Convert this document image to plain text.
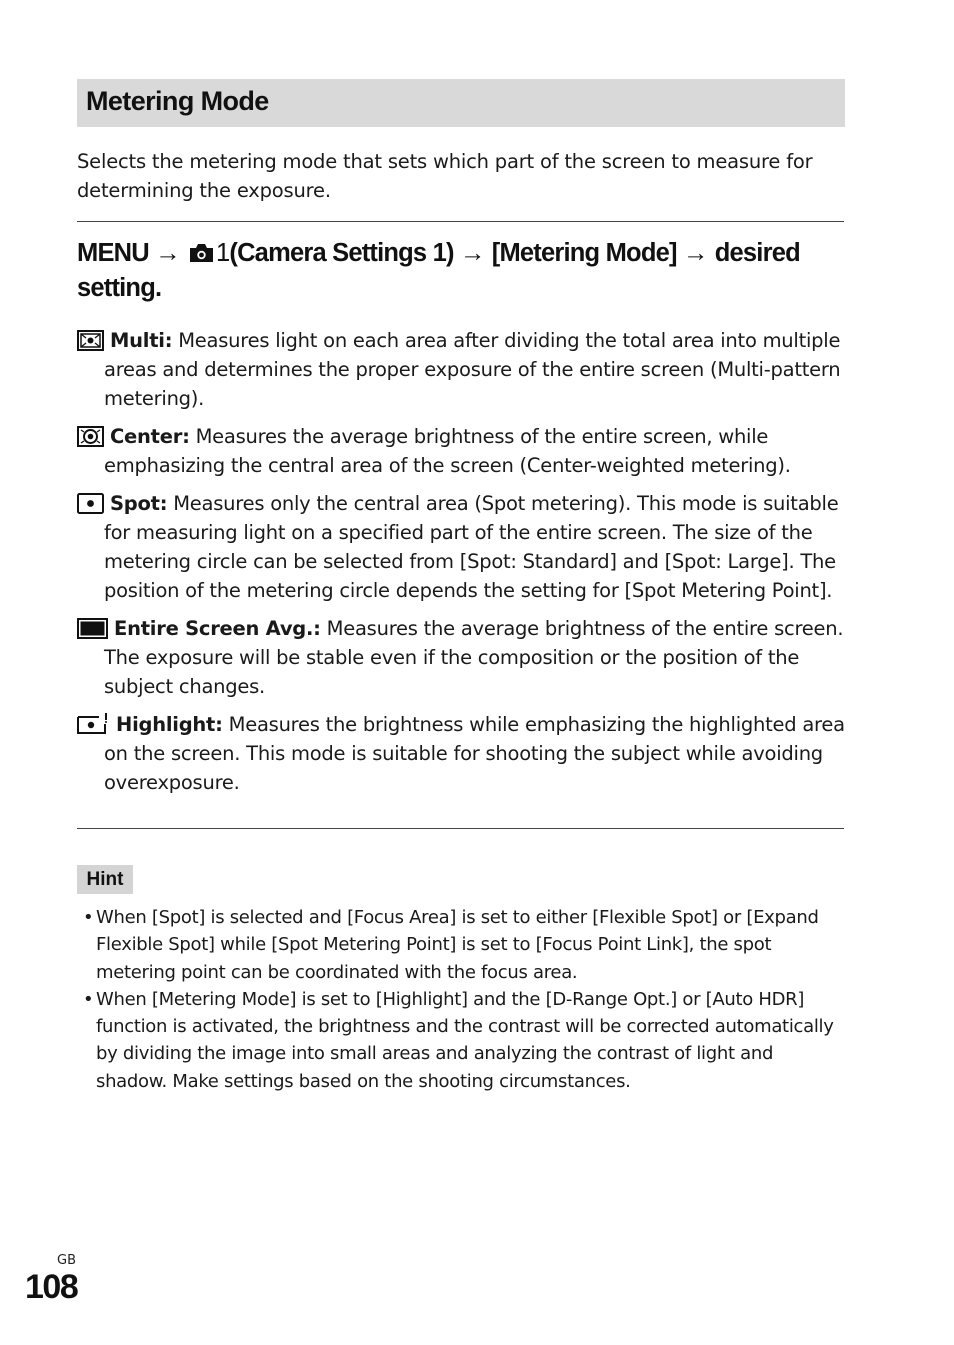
Metering Mode

Selects the metering mode that sets which part of the screen to measure for determining the exposure.

MENU → 1(Camera Settings 1) → [Metering Mode] → desired setting.

Multi: Measures light on each area after dividing the total area into multiple areas and determines the proper exposure of the entire screen (Multi-pattern metering).

Center: Measures the average brightness of the entire screen, while emphasizing the central area of the screen (Center-weighted metering).

Spot: Measures only the central area (Spot metering). This mode is suitable for measuring light on a specified part of the entire screen. The size of the metering circle can be selected from [Spot: Standard] and [Spot: Large]. The position of the metering circle depends the setting for [Spot Metering Point].

Entire Screen Avg.: Measures the average brightness of the entire screen. The exposure will be stable even if the composition or the position of the subject changes.

Highlight: Measures the brightness while emphasizing the highlighted area on the screen. This mode is suitable for shooting the subject while avoiding overexposure.

Hint
• When [Spot] is selected and [Focus Area] is set to either [Flexible Spot] or [Expand Flexible Spot] while [Spot Metering Point] is set to [Focus Point Link], the spot metering point can be coordinated with the focus area.
• When [Metering Mode] is set to [Highlight] and the [D-Range Opt.] or [Auto HDR] function is activated, the brightness and the contrast will be corrected automatically by dividing the image into small areas and analyzing the contrast of light and shadow. Make settings based on the shooting circumstances.
GB

108
